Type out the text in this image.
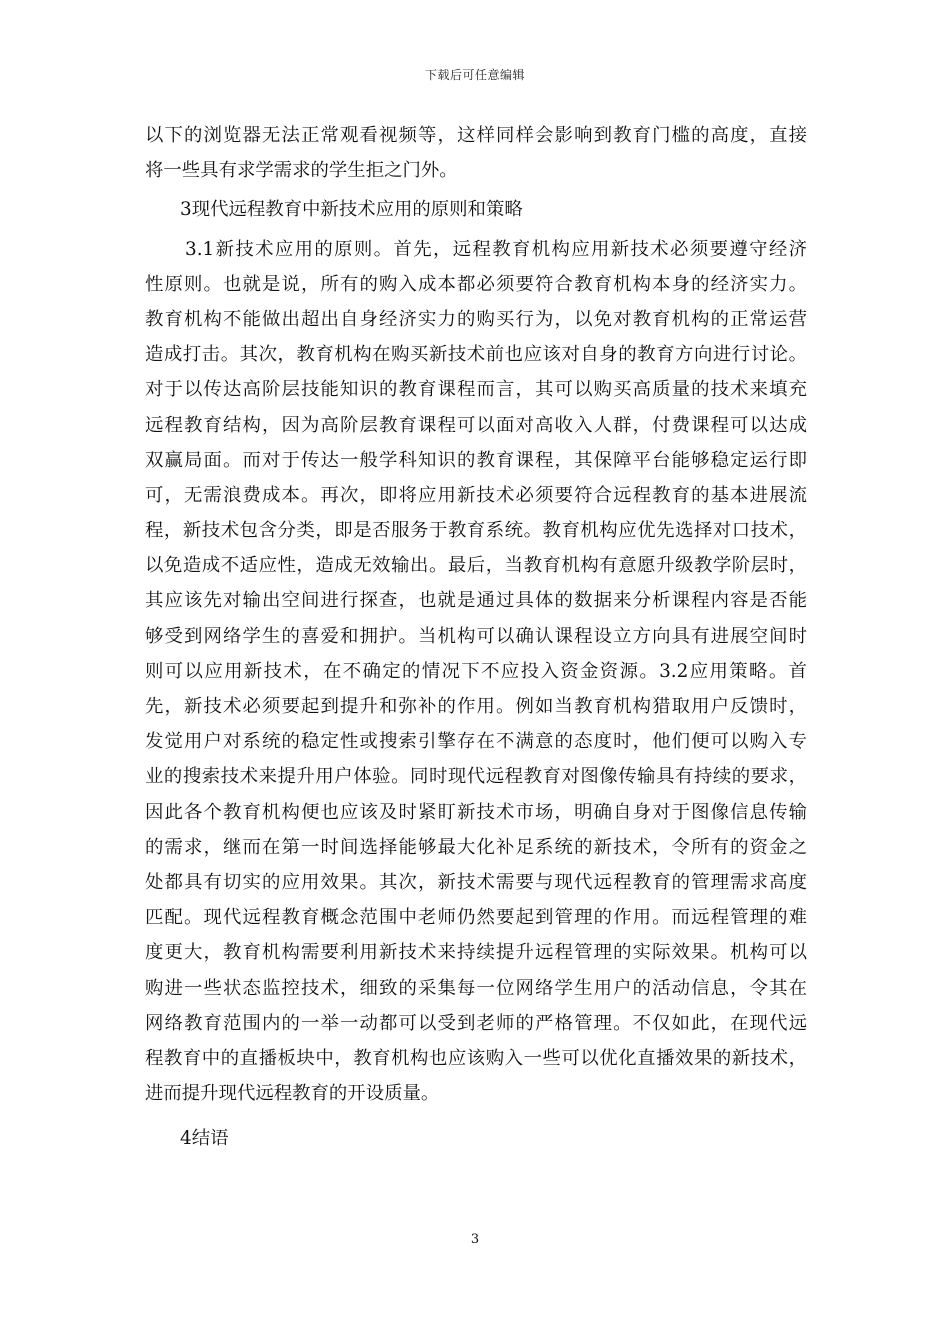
下载后可任意编辑
以下的浏览器无法正常观看视频等，这样同样会影响到教育门槛的高度，直接
将一些具有求学需求的学生拒之门外。
3现代远程教育中新技术应用的原则和策略
3.1新技术应用的原则。首先，远程教育机构应用新技术必须要遵守经济
性原则。也就是说，所有的购入成本都必须要符合教育机构本身的经济实力。
教育机构不能做出超出自身经济实力的购买行为，以免对教育机构的正常运营
造成打击。其次，教育机构在购买新技术前也应该对自身的教育方向进行讨论。
对于以传达高阶层技能知识的教育课程而言，其可以购买高质量的技术来填充
远程教育结构，因为高阶层教育课程可以面对高收入人群，付费课程可以达成
双赢局面。而对于传达一般学科知识的教育课程，其保障平台能够稳定运行即
可，无需浪费成本。再次，即将应用新技术必须要符合远程教育的基本进展流
程，新技术包含分类，即是否服务于教育系统。教育机构应优先选择对口技术，
以免造成不适应性，造成无效输出。最后，当教育机构有意愿升级教学阶层时，
其应该先对输出空间进行探查，也就是通过具体的数据来分析课程内容是否能
够受到网络学生的喜爱和拥护。当机构可以确认课程设立方向具有进展空间时
则可以应用新技术，在不确定的情况下不应投入资金资源。3.2应用策略。首
先，新技术必须要起到提升和弥补的作用。例如当教育机构猎取用户反馈时，
发觉用户对系统的稳定性或搜索引擎存在不满意的态度时，他们便可以购入专
业的搜索技术来提升用户体验。同时现代远程教育对图像传输具有持续的要求，
因此各个教育机构便也应该及时紧盯新技术市场，明确自身对于图像信息传输
的需求，继而在第一时间选择能够最大化补足系统的新技术，令所有的资金之
处都具有切实的应用效果。其次，新技术需要与现代远程教育的管理需求高度
匹配。现代远程教育概念范围中老师仍然要起到管理的作用。而远程管理的难
度更大，教育机构需要利用新技术来持续提升远程管理的实际效果。机构可以
购进一些状态监控技术，细致的采集每一位网络学生用户的活动信息，令其在
网络教育范围内的一举一动都可以受到老师的严格管理。不仅如此，在现代远
程教育中的直播板块中，教育机构也应该购入一些可以优化直播效果的新技术，
进而提升现代远程教育的开设质量。
4结语
3
